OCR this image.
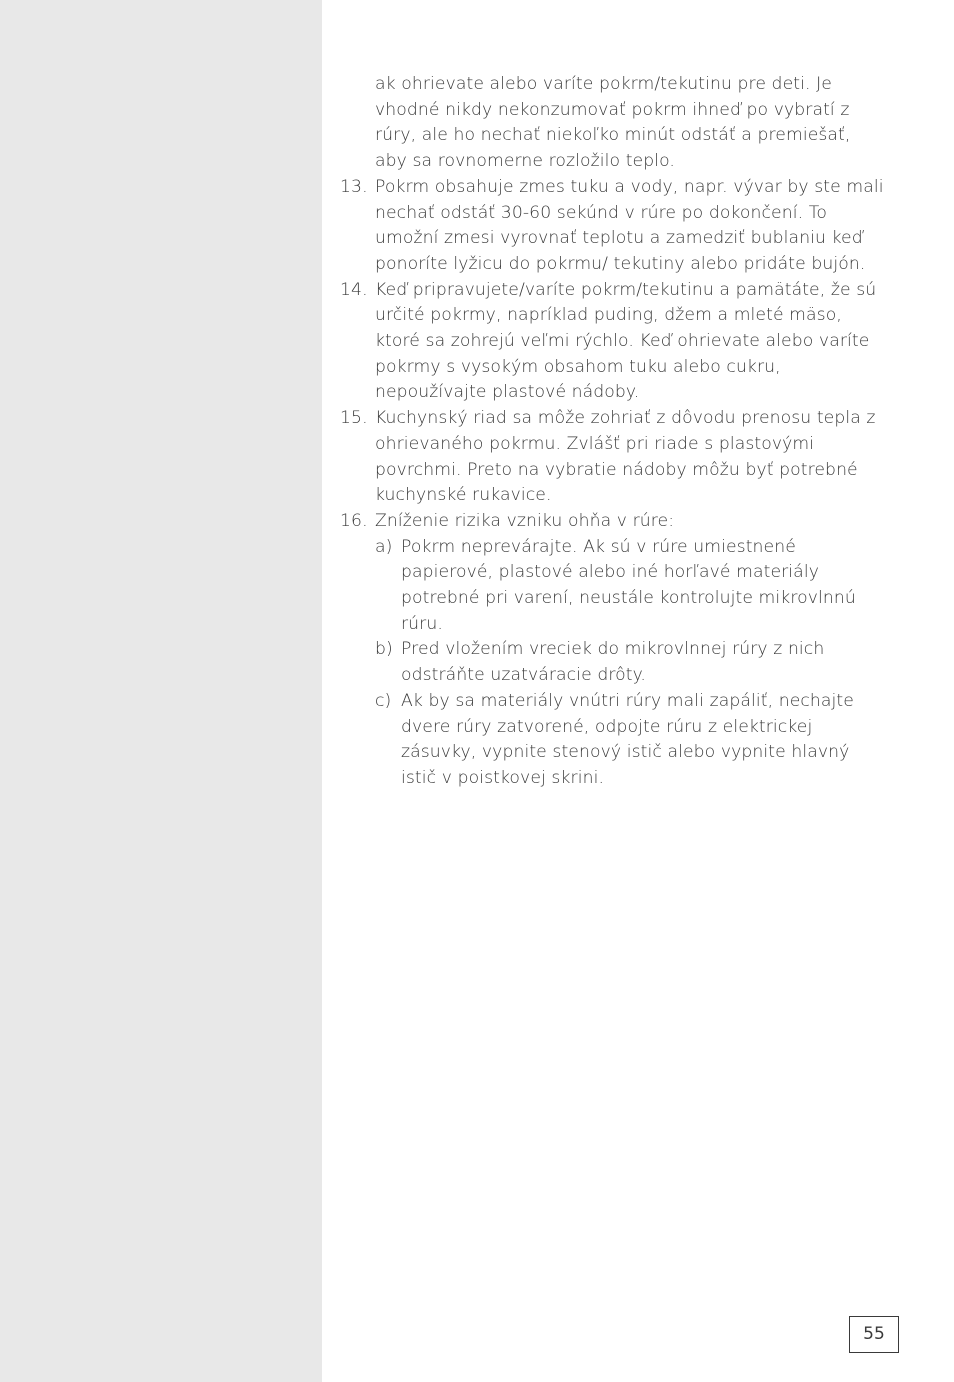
ak ohrievate alebo varíte pokrm/tekutinu pre deti. Je vhodné nikdy nekonzumovať pokrm ihneď po vybratí z rúry, ale ho nechať niekoľko minút odstáť a premiešať, aby sa rovnomerne rozložilo teplo.
13. Pokrm obsahuje zmes tuku a vody, napr. vývar by ste mali nechať odstáť 30-60 sekúnd v rúre po dokončení. To umožní zmesi vyrovnať teplotu a zamedziť bublaniu keď ponoríte lyžicu do pokrmu/ tekutiny alebo pridáte bujón.
14. Keď pripravujete/varíte pokrm/tekutinu a pamätáte, že sú určité pokrmy, napríklad puding, džem a mleté mäso, ktoré sa zohrejú veľmi rýchlo. Keď ohrievate alebo varíte pokrmy s vysokým obsahom tuku alebo cukru, nepoužívajte plastové nádoby.
15. Kuchynský riad sa môže zohriať z dôvodu prenosu tepla z ohrievaného pokrmu. Zvlášť pri riade s plastovými povrchmi. Preto na vybratie nádoby môžu byť potrebné kuchynské rukavice.
16. Zníženie rizika vzniku ohňa v rúre:
a) Pokrm neprevárajte. Ak sú v rúre umiestnené papierové, plastové alebo iné horľavé materiály potrebné pri varení, neustále kontrolujte mikrovlnnú rúru.
b) Pred vložením vreciek do mikrovlnnej rúry z nich odstráňte uzatváracie drôty.
c) Ak by sa materiály vnútri rúry mali zapáliť, nechajte dvere rúry zatvorené, odpojte rúru z elektrickej zásuvky, vypnite stenový istič alebo vypnite hlavný istič v poistkovej skrini.
55
